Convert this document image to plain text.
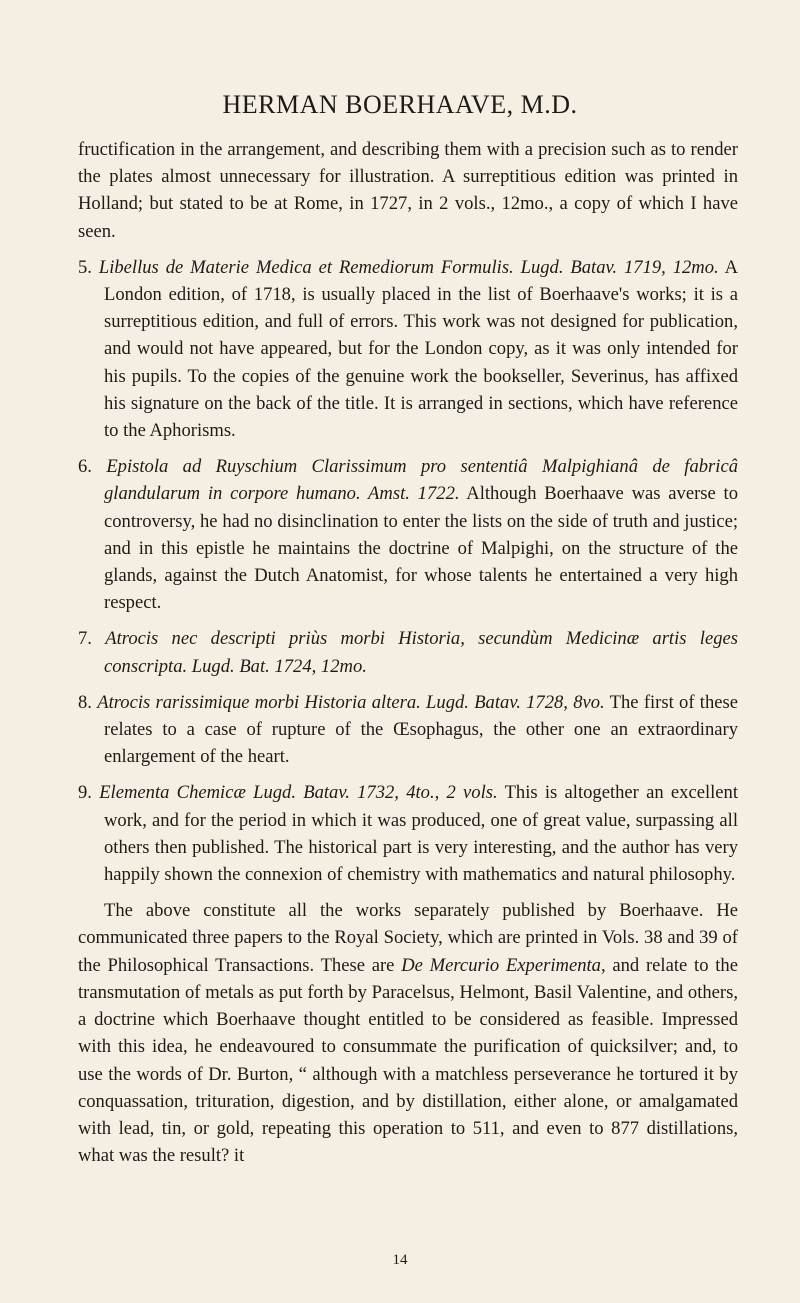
HERMAN BOERHAAVE, M.D.

fructification in the arrangement, and describing them with a precision such as to render the plates almost unnecessary for illustration. A surreptitious edition was printed in Holland; but stated to be at Rome, in 1727, in 2 vols., 12mo., a copy of which I have seen.

5. Libellus de Materie Medica et Remediorum Formulis. Lugd. Batav. 1719, 12mo. A London edition, of 1718, is usually placed in the list of Boerhaave's works; it is a surreptitious edition, and full of errors. This work was not designed for publication, and would not have appeared, but for the London copy, as it was only intended for his pupils. To the copies of the genuine work the bookseller, Severinus, has affixed his signature on the back of the title. It is arranged in sections, which have reference to the Aphorisms.

6. Epistola ad Ruyschium Clarissimum pro sententiâ Malpighianâ de fabricâ glandularum in corpore humano. Amst. 1722. Although Boerhaave was averse to controversy, he had no disinclination to enter the lists on the side of truth and justice; and in this epistle he maintains the doctrine of Malpighi, on the structure of the glands, against the Dutch Anatomist, for whose talents he entertained a very high respect.

7. Atrocis nec descripti priùs morbi Historia, secundùm Medicinæ artis leges conscripta. Lugd. Bat. 1724, 12mo.

8. Atrocis rarissimique morbi Historia altera. Lugd. Batav. 1728, 8vo. The first of these relates to a case of rupture of the Œsophagus, the other one an extraordinary enlargement of the heart.

9. Elementa Chemicæ Lugd. Batav. 1732, 4to., 2 vols. This is altogether an excellent work, and for the period in which it was produced, one of great value, surpassing all others then published. The historical part is very interesting, and the author has very happily shown the connexion of chemistry with mathematics and natural philosophy.

The above constitute all the works separately published by Boerhaave. He communicated three papers to the Royal Society, which are printed in Vols. 38 and 39 of the Philosophical Transactions. These are De Mercurio Experimenta, and relate to the transmutation of metals as put forth by Paracelsus, Helmont, Basil Valentine, and others, a doctrine which Boerhaave thought entitled to be considered as feasible. Impressed with this idea, he endeavoured to consummate the purification of quicksilver; and, to use the words of Dr. Burton, “ although with a matchless perseverance he tortured it by conquassation, trituration, digestion, and by distillation, either alone, or amalgamated with lead, tin, or gold, repeating this operation to 511, and even to 877 distillations, what was the result? it

14
